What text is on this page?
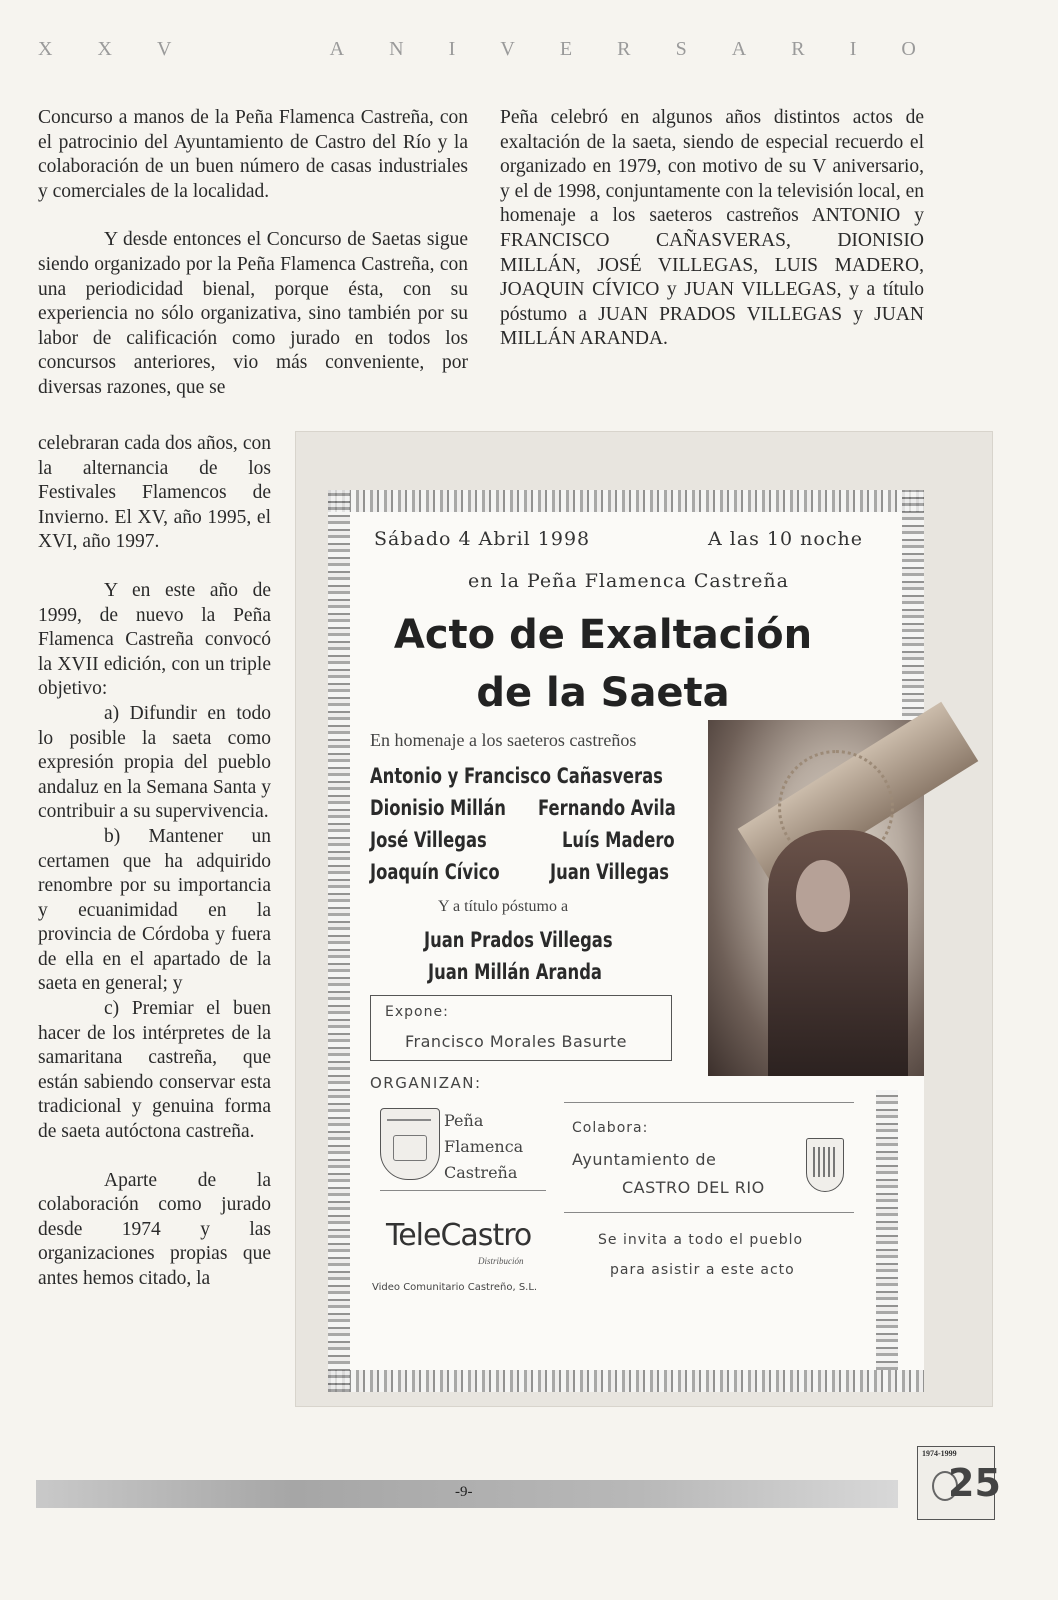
X X V	A N I V E R S A R I O

Concurso a manos de la Peña Flamenca Castreña, con el patrocinio del Ayuntamiento de Castro del Río y la colaboración de un buen número de casas industriales y comerciales de la localidad.

Y desde entonces el Concurso de Saetas sigue siendo organizado por la Peña Flamenca Castreña, con una periodicidad bienal, porque ésta, con su experiencia no sólo organizativa, sino también por su labor de calificación como jurado en todos los concursos anteriores, vio más conveniente, por diversas razones, que se

celebraran cada dos años, con la alternancia de los Festivales Flamencos de Invierno. El XV, año 1995, el XVI, año 1997.

Y en este año de 1999, de nuevo la Peña Flamenca Castreña convocó la XVII edición, con un triple objetivo:

a) Difundir en todo lo posible la saeta como expresión propia del pueblo andaluz en la Semana Santa y contribuir a su supervivencia.

b) Mantener un certamen que ha adquirido renombre por su importancia y ecuanimidad en la provincia de Córdoba y fuera de ella en el apartado de la saeta en general; y

c) Premiar el buen hacer de los intérpretes de la samaritana castreña, que están sabiendo conservar esta tradicional y genuina forma de saeta autóctona castreña.

Aparte de la colaboración como jurado desde 1974 y las organizaciones propias que antes hemos citado, la

Peña celebró en algunos años distintos actos de exaltación de la saeta, siendo de especial recuerdo el organizado en 1979, con motivo de su V aniversario, y el de 1998, conjuntamente con la televisión local, en homenaje a los saeteros castreños ANTONIO y FRANCISCO CAÑASVERAS, DIONISIO MILLÁN, JOSÉ VILLEGAS, LUIS MADERO, JOAQUIN CÍVICO y JUAN VILLEGAS, y a título póstumo a JUAN PRADOS VILLEGAS y JUAN MILLÁN ARANDA.

Sábado 4 Abril 1998	A las 10 noche
en la Peña Flamenca Castreña
Acto de Exaltación
de la Saeta
En homenaje a los saeteros castreños
Antonio y Francisco Cañasveras
Dionisio Millán Fernando Avila
José Villegas	Luís Madero
Joaquín Cívico Juan Villegas
Y a título póstumo a
Juan Prados Villegas
Juan Millán Aranda
Expone:
Francisco Morales Basurte
ORGANIZAN:
Peña
Flamenca
Castreña
TeleCastro
Distribución
Video Comunitario Castreño, S.L.
Colabora:
Ayuntamiento de
CASTRO DEL RIO
Se invita a todo el pueblo
para asistir a este acto
-9-
1974-1999
25
